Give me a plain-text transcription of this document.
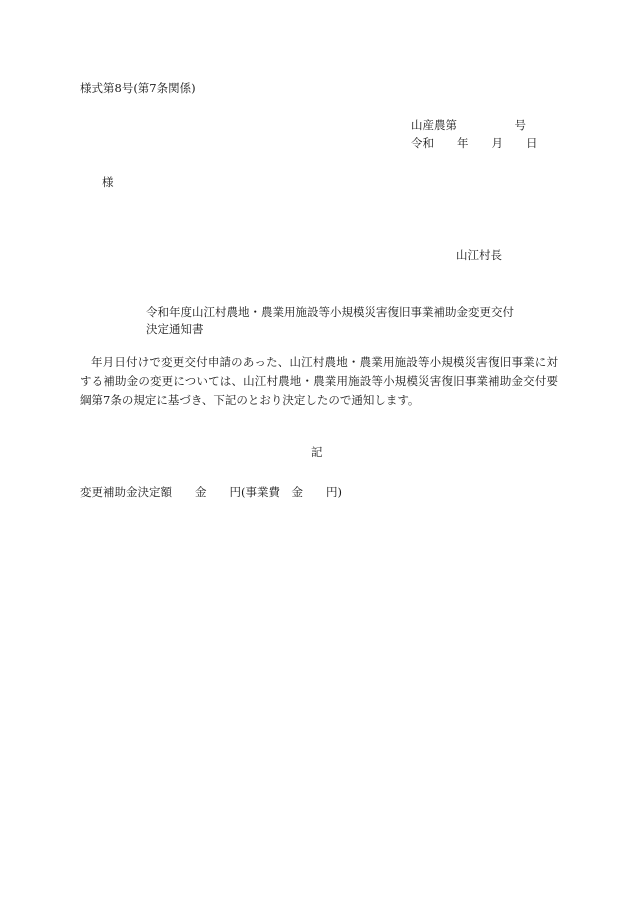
様式第8号(第7条関係)

山産農第　　　　　号

令和　　年　　月　　日

様

山江村長

令和年度山江村農地・農業用施設等小規模災害復旧事業補助金変更交付決定通知書

年月日付けで変更交付申請のあった、山江村農地・農業用施設等小規模災害復旧事業に対する補助金の変更については、山江村農地・農業用施設等小規模災害復旧事業補助金交付要綱第7条の規定に基づき、下記のとおり決定したので通知します。

記

変更補助金決定額　　金　　円(事業費　金　　円)
